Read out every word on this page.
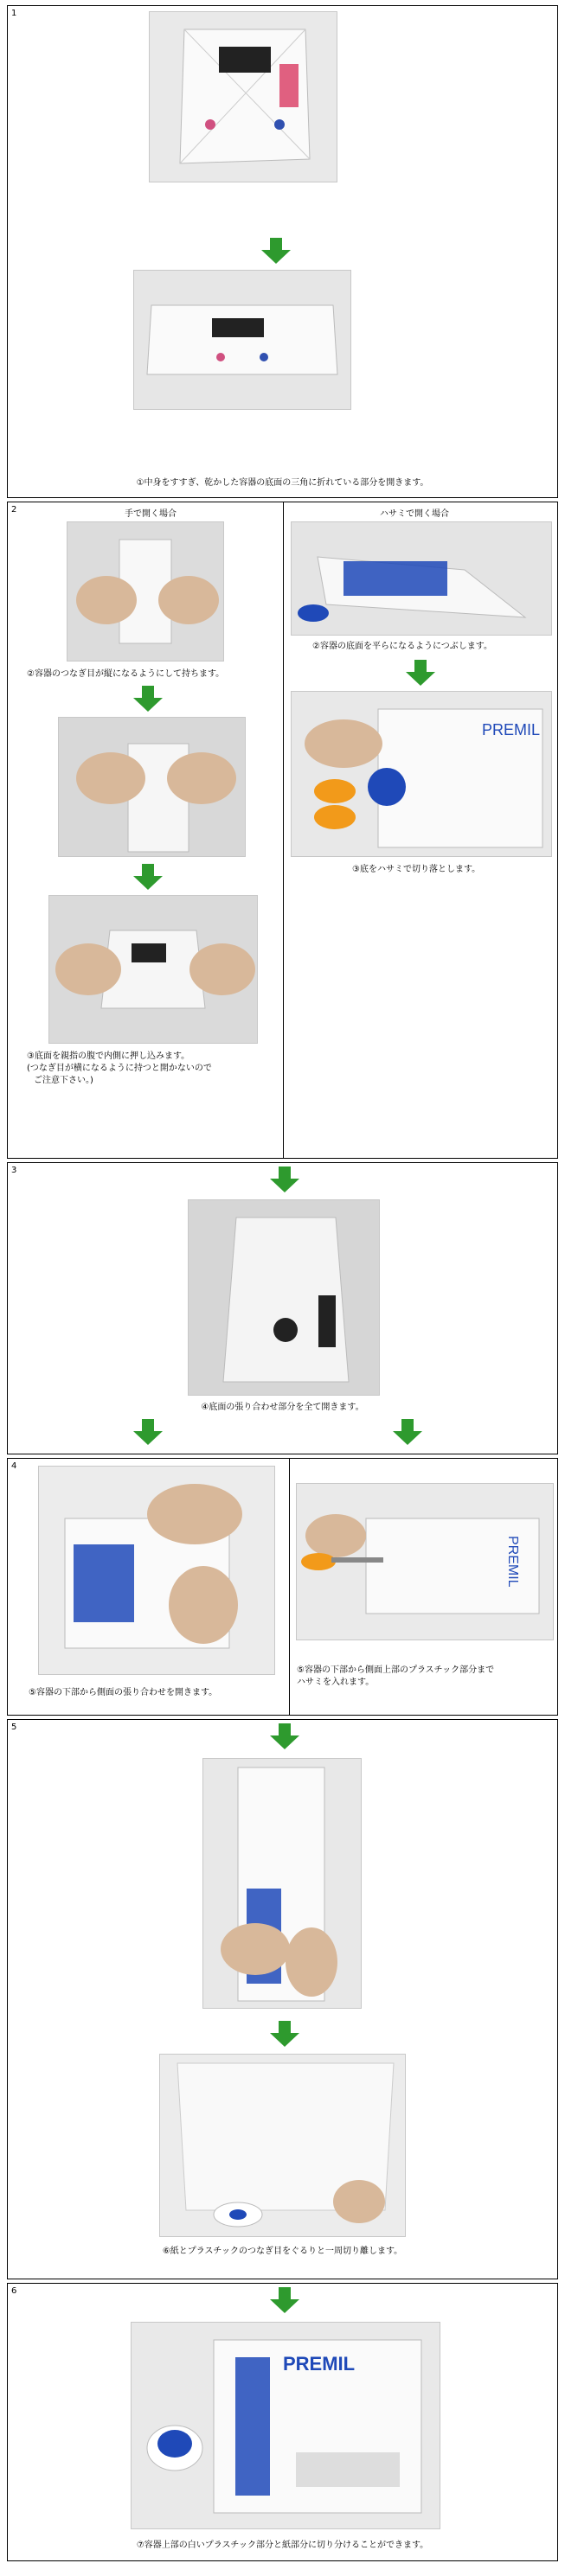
1
①中身をすすぎ、乾かした容器の底面の三角に折れている部分を開きます。
2	手で開く場合	ハサミで開く場合
②容器のつなぎ目が縦になるようにして持ちます。
③底面を親指の腹で内側に押し込みます。
(つなぎ目が横になるように持つと開かないので
ご注意下さい。)
②容器の底面を平らになるようにつぶします。
PREMIL
③底をハサミで切り落とします。
3
④底面の張り合わせ部分を全て開きます。
4
⑤容器の下部から側面の張り合わせを開きます。
PREMIL
⑤容器の下部から側面上部のプラスチック部分まで
ハサミを入れます。
5
⑥紙とプラスチックのつなぎ目をぐるりと一周切り離します。
6
PREMIL
⑦容器上部の白いプラスチック部分と紙部分に切り分けることができます。
